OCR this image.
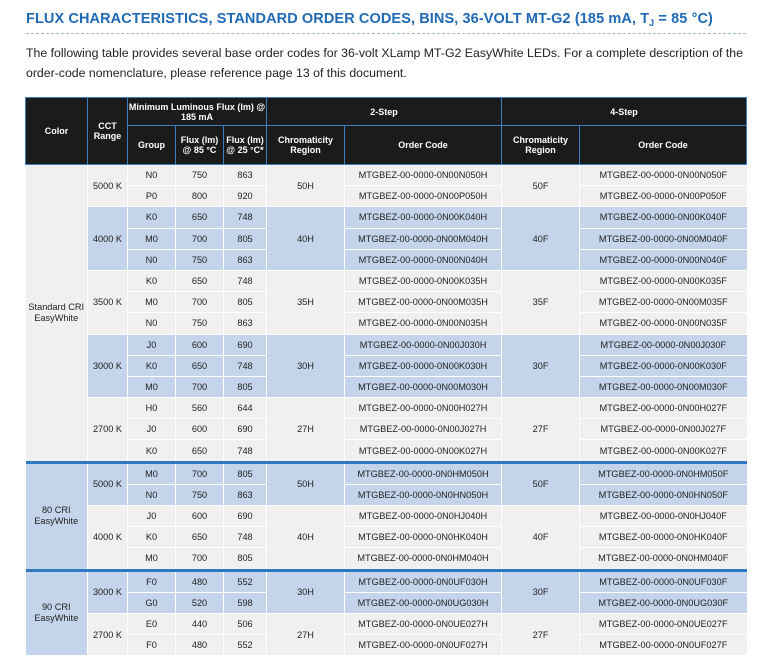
FLUX CHARACTERISTICS, STANDARD ORDER CODES, BINS, 36-VOLT MT-G2 (185 mA, $T_J = 85$ °C)
The following table provides several base order codes for 36-volt XLamp MT-G2 EasyWhite LEDs. For a complete description of the order-code nomenclature, please reference page 13 of this document.
Color	CCT Range	Minimum Luminous Flux (lm) @ 185 mA			2-Step		4-Step	
		Group	Flux (lm) @ 85 °C	Flux (lm) @ 25 °C*	Chromaticity Region	Order Code	Chromaticity Region	Order Code
Standard CRI EasyWhite	5000 K	N0	750	863	50H	MTGBEZ-00-0000-0N00N050H	50F	MTGBEZ-00-0000-0N00N050F
		P0	800	920		MTGBEZ-00-0000-0N00P050H		MTGBEZ-00-0000-0N00P050F
	4000 K	K0	650	748	40H	MTGBEZ-00-0000-0N00K040H	40F	MTGBEZ-00-0000-0N00K040F
		M0	700	805		MTGBEZ-00-0000-0N00M040H		MTGBEZ-00-0000-0N00M040F
		N0	750	863		MTGBEZ-00-0000-0N00N040H		MTGBEZ-00-0000-0N00N040F
	3500 K	K0	650	748	35H	MTGBEZ-00-0000-0N00K035H	35F	MTGBEZ-00-0000-0N00K035F
		M0	700	805		MTGBEZ-00-0000-0N00M035H		MTGBEZ-00-0000-0N00M035F
		N0	750	863		MTGBEZ-00-0000-0N00N035H		MTGBEZ-00-0000-0N00N035F
	3000 K	J0	600	690	30H	MTGBEZ-00-0000-0N00J030H	30F	MTGBEZ-00-0000-0N00J030F
		K0	650	748		MTGBEZ-00-0000-0N00K030H		MTGBEZ-00-0000-0N00K030F
		M0	700	805		MTGBEZ-00-0000-0N00M030H		MTGBEZ-00-0000-0N00M030F
	2700 K	H0	560	644	27H	MTGBEZ-00-0000-0N00H027H	27F	MTGBEZ-00-0000-0N00H027F
		J0	600	690		MTGBEZ-00-0000-0N00J027H		MTGBEZ-00-0000-0N00J027F
		K0	650	748		MTGBEZ-00-0000-0N00K027H		MTGBEZ-00-0000-0N00K027F
80 CRI EasyWhite	5000 K	M0	700	805	50H	MTGBEZ-00-0000-0N0HM050H	50F	MTGBEZ-00-0000-0N0HM050F
		N0	750	863		MTGBEZ-00-0000-0N0HN050H		MTGBEZ-00-0000-0N0HN050F
	4000 K	J0	600	690	40H	MTGBEZ-00-0000-0N0HJ040H	40F	MTGBEZ-00-0000-0N0HJ040F
		K0	650	748		MTGBEZ-00-0000-0N0HK040H		MTGBEZ-00-0000-0N0HK040F
		M0	700	805		MTGBEZ-00-0000-0N0HM040H		MTGBEZ-00-0000-0N0HM040F
90 CRI EasyWhite	3000 K	F0	480	552	30H	MTGBEZ-00-0000-0N0UF030H	30F	MTGBEZ-00-0000-0N0UF030F
		G0	520	598		MTGBEZ-00-0000-0N0UG030H		MTGBEZ-00-0000-0N0UG030F
	2700 K	E0	440	506	27H	MTGBEZ-00-0000-0N0UE027H	27F	MTGBEZ-00-0000-0N0UE027F
		F0	480	552		MTGBEZ-00-0000-0N0UF027H		MTGBEZ-00-0000-0N0UF027F
